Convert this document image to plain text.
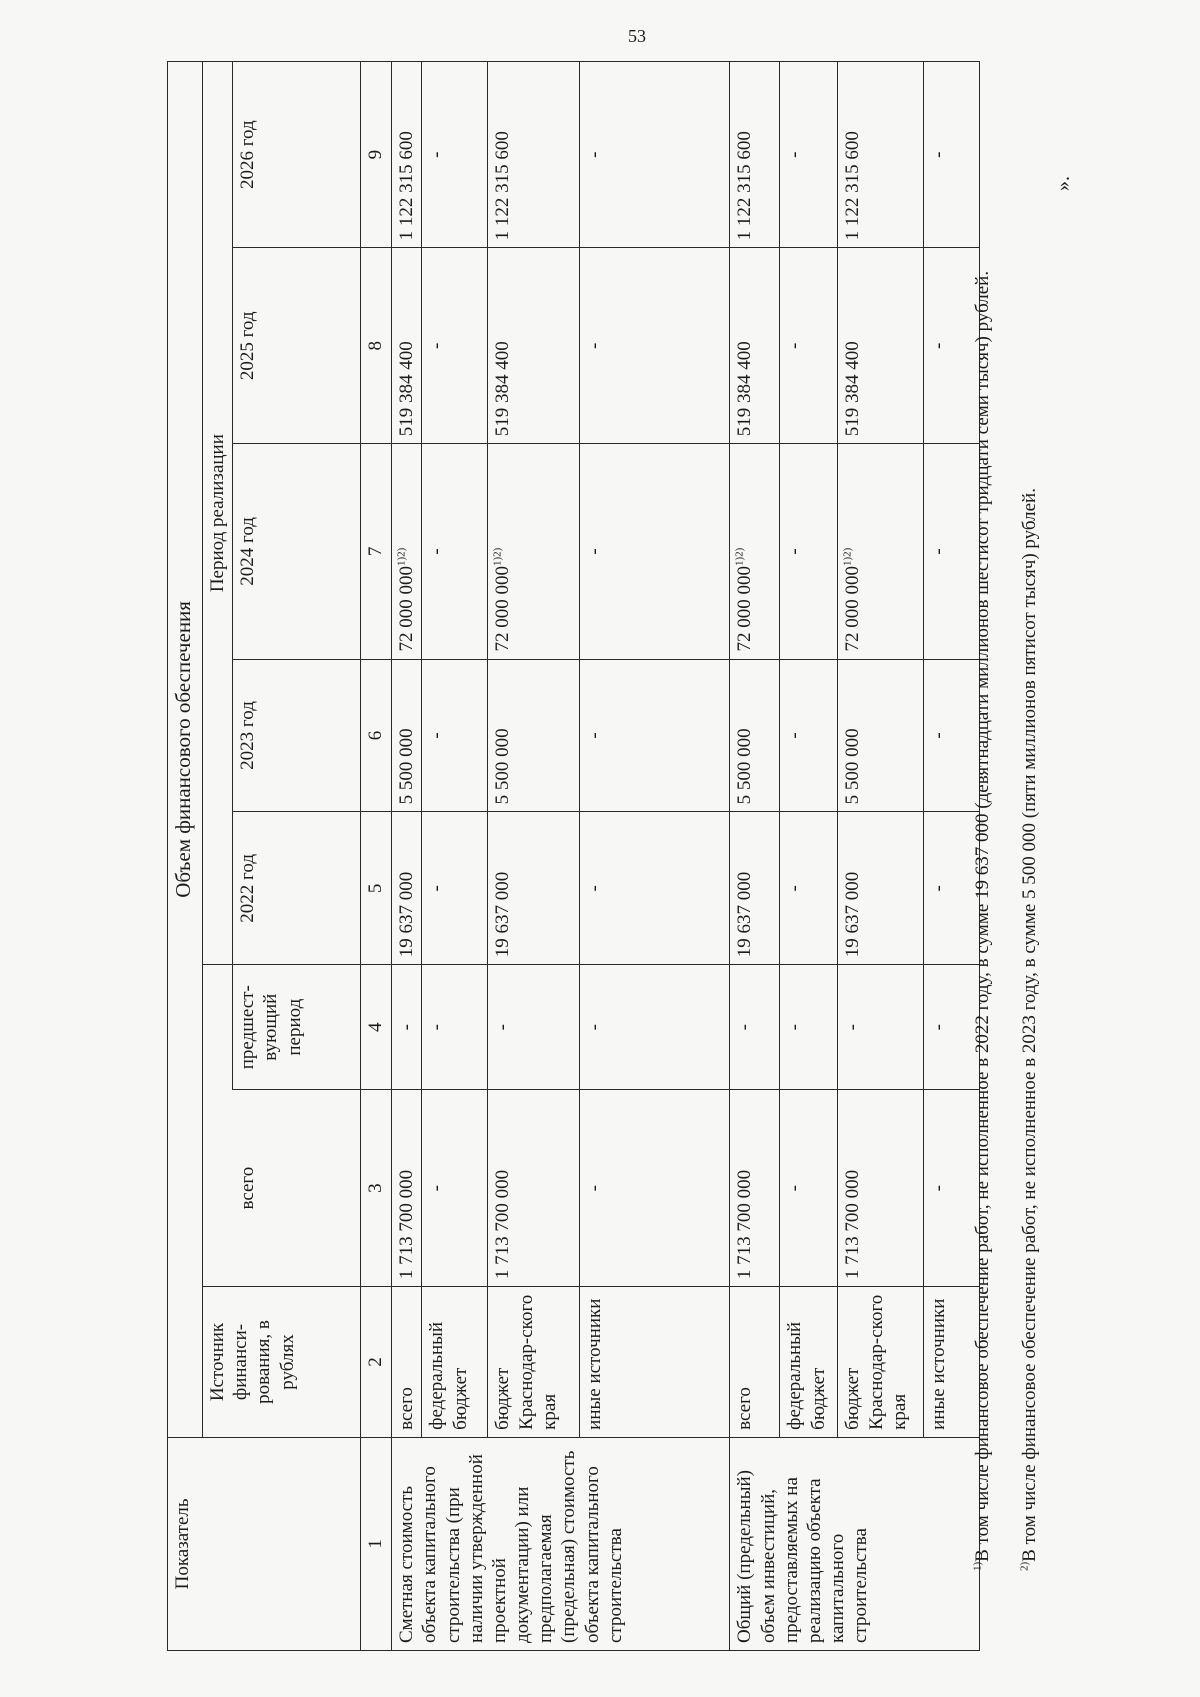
53
Показатель	Объем финансового обеспечения							
	Источник финанси-рования, в рублях			Период реализации				
		всего	предшест-вующий период	2022 год	2023 год	2024 год	2025 год	2026 год
1	2	3	4	5	6	7	8	9
Сметная стоимость объекта капитального строительства (при наличии утвержденной проектной документации) или предполагаемая (предельная) стоимость объекта капитального строительства	всего	1 713 700 000	-	19 637 000	5 500 000	72 000 $000^{1)2)}$	519 384 400	1 122 315 600
	федеральный бюджет	-	-	-	-	-	-	-
	бюджет Краснодар-ского края	1 713 700 000	-	19 637 000	5 500 000	72 000 $000^{1)2)}$	519 384 400	1 122 315 600
	иные источники	-	-	-	-	-	-	-
Общий (предельный) объем инвестиций, предоставляемых на реализацию объекта капитального строительства	всего	1 713 700 000	-	19 637 000	5 500 000	72 000 $000^{1)2)}$	519 384 400	1 122 315 600
	федеральный бюджет	-	-	-	-	-	-	-
	бюджет Краснодар-ского края	1 713 700 000	-	19 637 000	5 500 000	72 000 $000^{1)2)}$	519 384 400	1 122 315 600
	иные источники	-	-	-	-	-	-	-
$^{1)}$В том числе финансовое обеспечение работ, не исполненное в 2022 году, в сумме 19 637 000 (девятнадцати миллионов шестисот тридцати семи тысяч) рублей.
$^{2)}$В том числе финансовое обеспечение работ, не исполненное в 2023 году, в сумме 5 500 000 (пяти миллионов пятисот тысяч) рублей.
».
